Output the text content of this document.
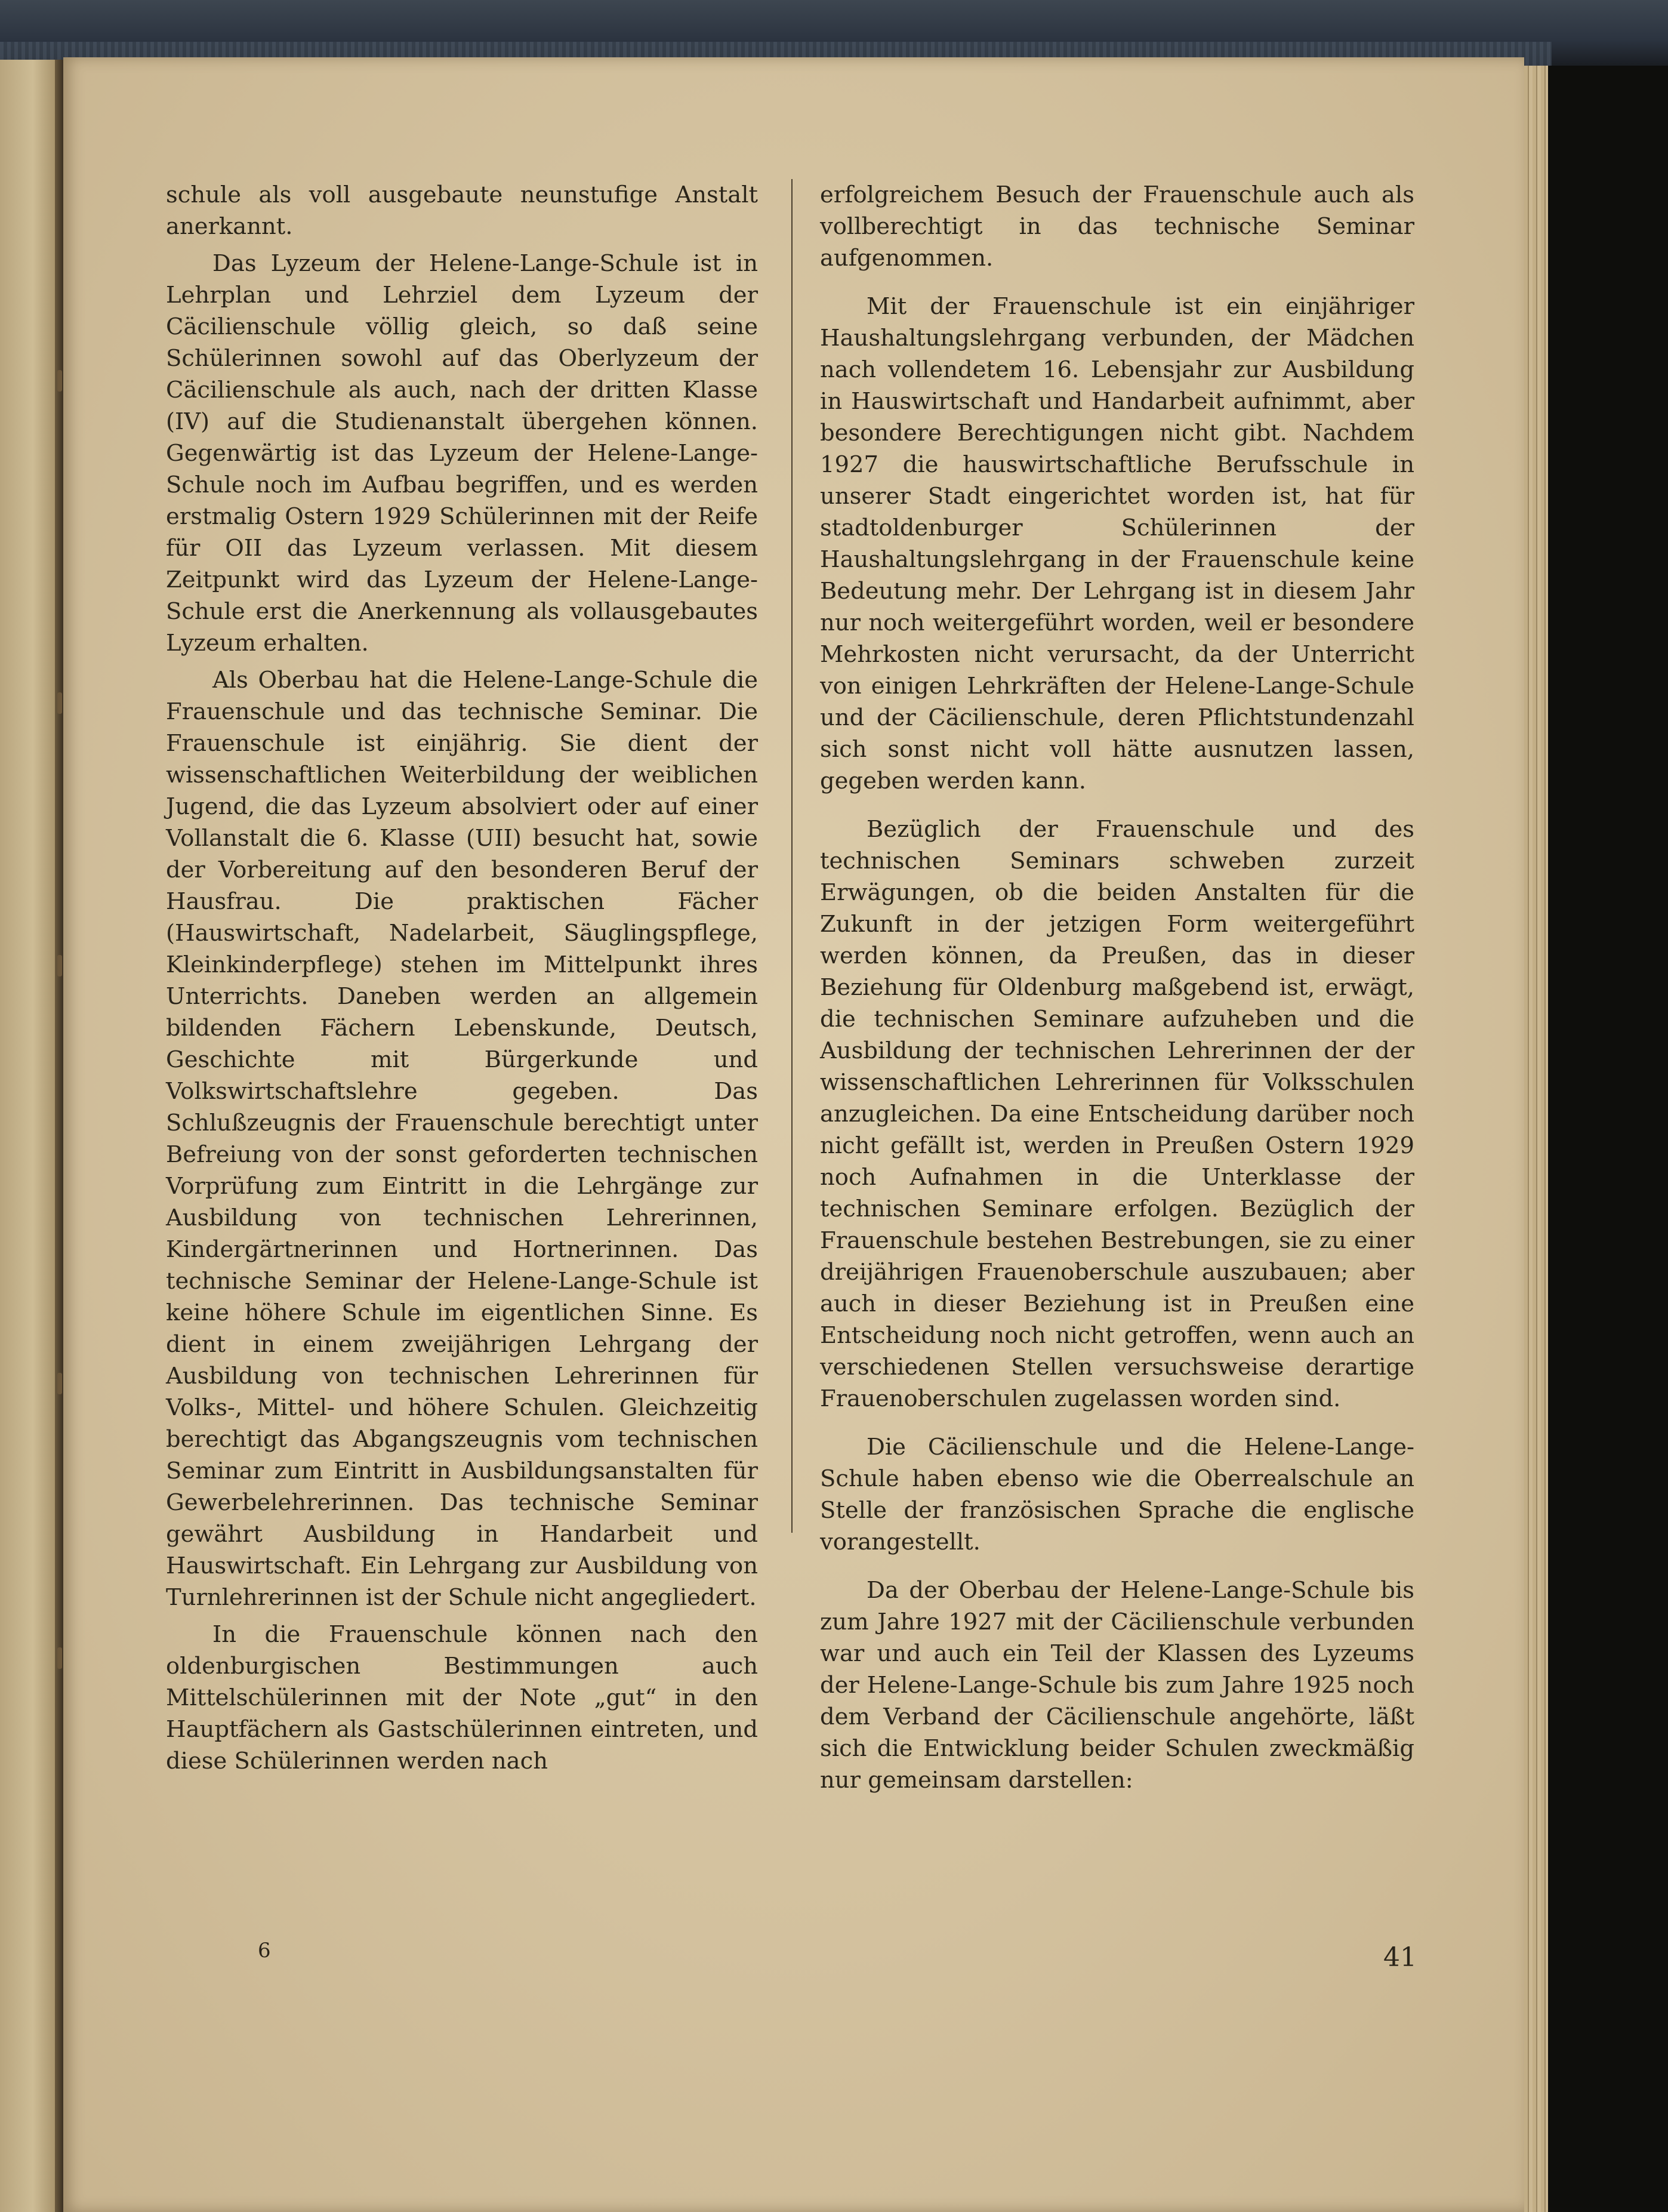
schule als voll ausgebaute neunstufige Anstalt anerkannt.

Das Lyzeum der Helene-Lange-Schule ist in Lehrplan und Lehrziel dem Lyzeum der Cäcilienschule völlig gleich, so daß seine Schülerinnen sowohl auf das Oberlyzeum der Cäcilienschule als auch, nach der dritten Klasse (IV) auf die Studienanstalt übergehen können. Gegenwärtig ist das Lyzeum der Helene-Lange-Schule noch im Aufbau begriffen, und es werden erstmalig Ostern 1929 Schülerinnen mit der Reife für OII das Lyzeum verlassen. Mit diesem Zeitpunkt wird das Lyzeum der Helene-Lange-Schule erst die Anerkennung als vollausgebautes Lyzeum erhalten.

Als Oberbau hat die Helene-Lange-Schule die Frauenschule und das technische Seminar. Die Frauenschule ist einjährig. Sie dient der wissenschaftlichen Weiterbildung der weiblichen Jugend, die das Lyzeum absolviert oder auf einer Vollanstalt die 6. Klasse (UII) besucht hat, sowie der Vorbereitung auf den besonderen Beruf der Hausfrau. Die praktischen Fächer (Hauswirtschaft, Nadelarbeit, Säuglingspflege, Kleinkinderpflege) stehen im Mittelpunkt ihres Unterrichts. Daneben werden an allgemein bildenden Fächern Lebenskunde, Deutsch, Geschichte mit Bürgerkunde und Volkswirtschaftslehre gegeben. Das Schlußzeugnis der Frauenschule berechtigt unter Befreiung von der sonst geforderten technischen Vorprüfung zum Eintritt in die Lehrgänge zur Ausbildung von technischen Lehrerinnen, Kindergärtnerinnen und Hortnerinnen. Das technische Seminar der Helene-Lange-Schule ist keine höhere Schule im eigentlichen Sinne. Es dient in einem zweijährigen Lehrgang der Ausbildung von technischen Lehrerinnen für Volks-, Mittel- und höhere Schulen. Gleichzeitig berechtigt das Abgangszeugnis vom technischen Seminar zum Eintritt in Ausbildungsanstalten für Gewerbelehrerinnen. Das technische Seminar gewährt Ausbildung in Handarbeit und Hauswirtschaft. Ein Lehrgang zur Ausbildung von Turnlehrerinnen ist der Schule nicht angegliedert.

In die Frauenschule können nach den oldenburgischen Bestimmungen auch Mittelschülerinnen mit der Note „gut“ in den Hauptfächern als Gastschülerinnen eintreten, und diese Schülerinnen werden nach

erfolgreichem Besuch der Frauenschule auch als vollberechtigt in das technische Seminar aufgenommen.

Mit der Frauenschule ist ein einjähriger Haushaltungslehrgang verbunden, der Mädchen nach vollendetem 16. Lebensjahr zur Ausbildung in Hauswirtschaft und Handarbeit aufnimmt, aber besondere Berechtigungen nicht gibt. Nachdem 1927 die hauswirtschaftliche Berufsschule in unserer Stadt eingerichtet worden ist, hat für stadtoldenburger Schülerinnen der Haushaltungslehrgang in der Frauenschule keine Bedeutung mehr. Der Lehrgang ist in diesem Jahr nur noch weitergeführt worden, weil er besondere Mehrkosten nicht verursacht, da der Unterricht von einigen Lehrkräften der Helene-Lange-Schule und der Cäcilienschule, deren Pflichtstundenzahl sich sonst nicht voll hätte ausnutzen lassen, gegeben werden kann.

Bezüglich der Frauenschule und des technischen Seminars schweben zurzeit Erwägungen, ob die beiden Anstalten für die Zukunft in der jetzigen Form weitergeführt werden können, da Preußen, das in dieser Beziehung für Oldenburg maßgebend ist, erwägt, die technischen Seminare aufzuheben und die Ausbildung der technischen Lehrerinnen der der wissenschaftlichen Lehrerinnen für Volksschulen anzugleichen. Da eine Entscheidung darüber noch nicht gefällt ist, werden in Preußen Ostern 1929 noch Aufnahmen in die Unterklasse der technischen Seminare erfolgen. Bezüglich der Frauenschule bestehen Bestrebungen, sie zu einer dreijährigen Frauenoberschule auszubauen; aber auch in dieser Beziehung ist in Preußen eine Entscheidung noch nicht getroffen, wenn auch an verschiedenen Stellen versuchsweise derartige Frauenoberschulen zugelassen worden sind.

Die Cäcilienschule und die Helene-Lange-Schule haben ebenso wie die Oberrealschule an Stelle der französischen Sprache die englische vorangestellt.

Da der Oberbau der Helene-Lange-Schule bis zum Jahre 1927 mit der Cäcilienschule verbunden war und auch ein Teil der Klassen des Lyzeums der Helene-Lange-Schule bis zum Jahre 1925 noch dem Verband der Cäcilienschule angehörte, läßt sich die Entwicklung beider Schulen zweckmäßig nur gemeinsam darstellen:

6	41
